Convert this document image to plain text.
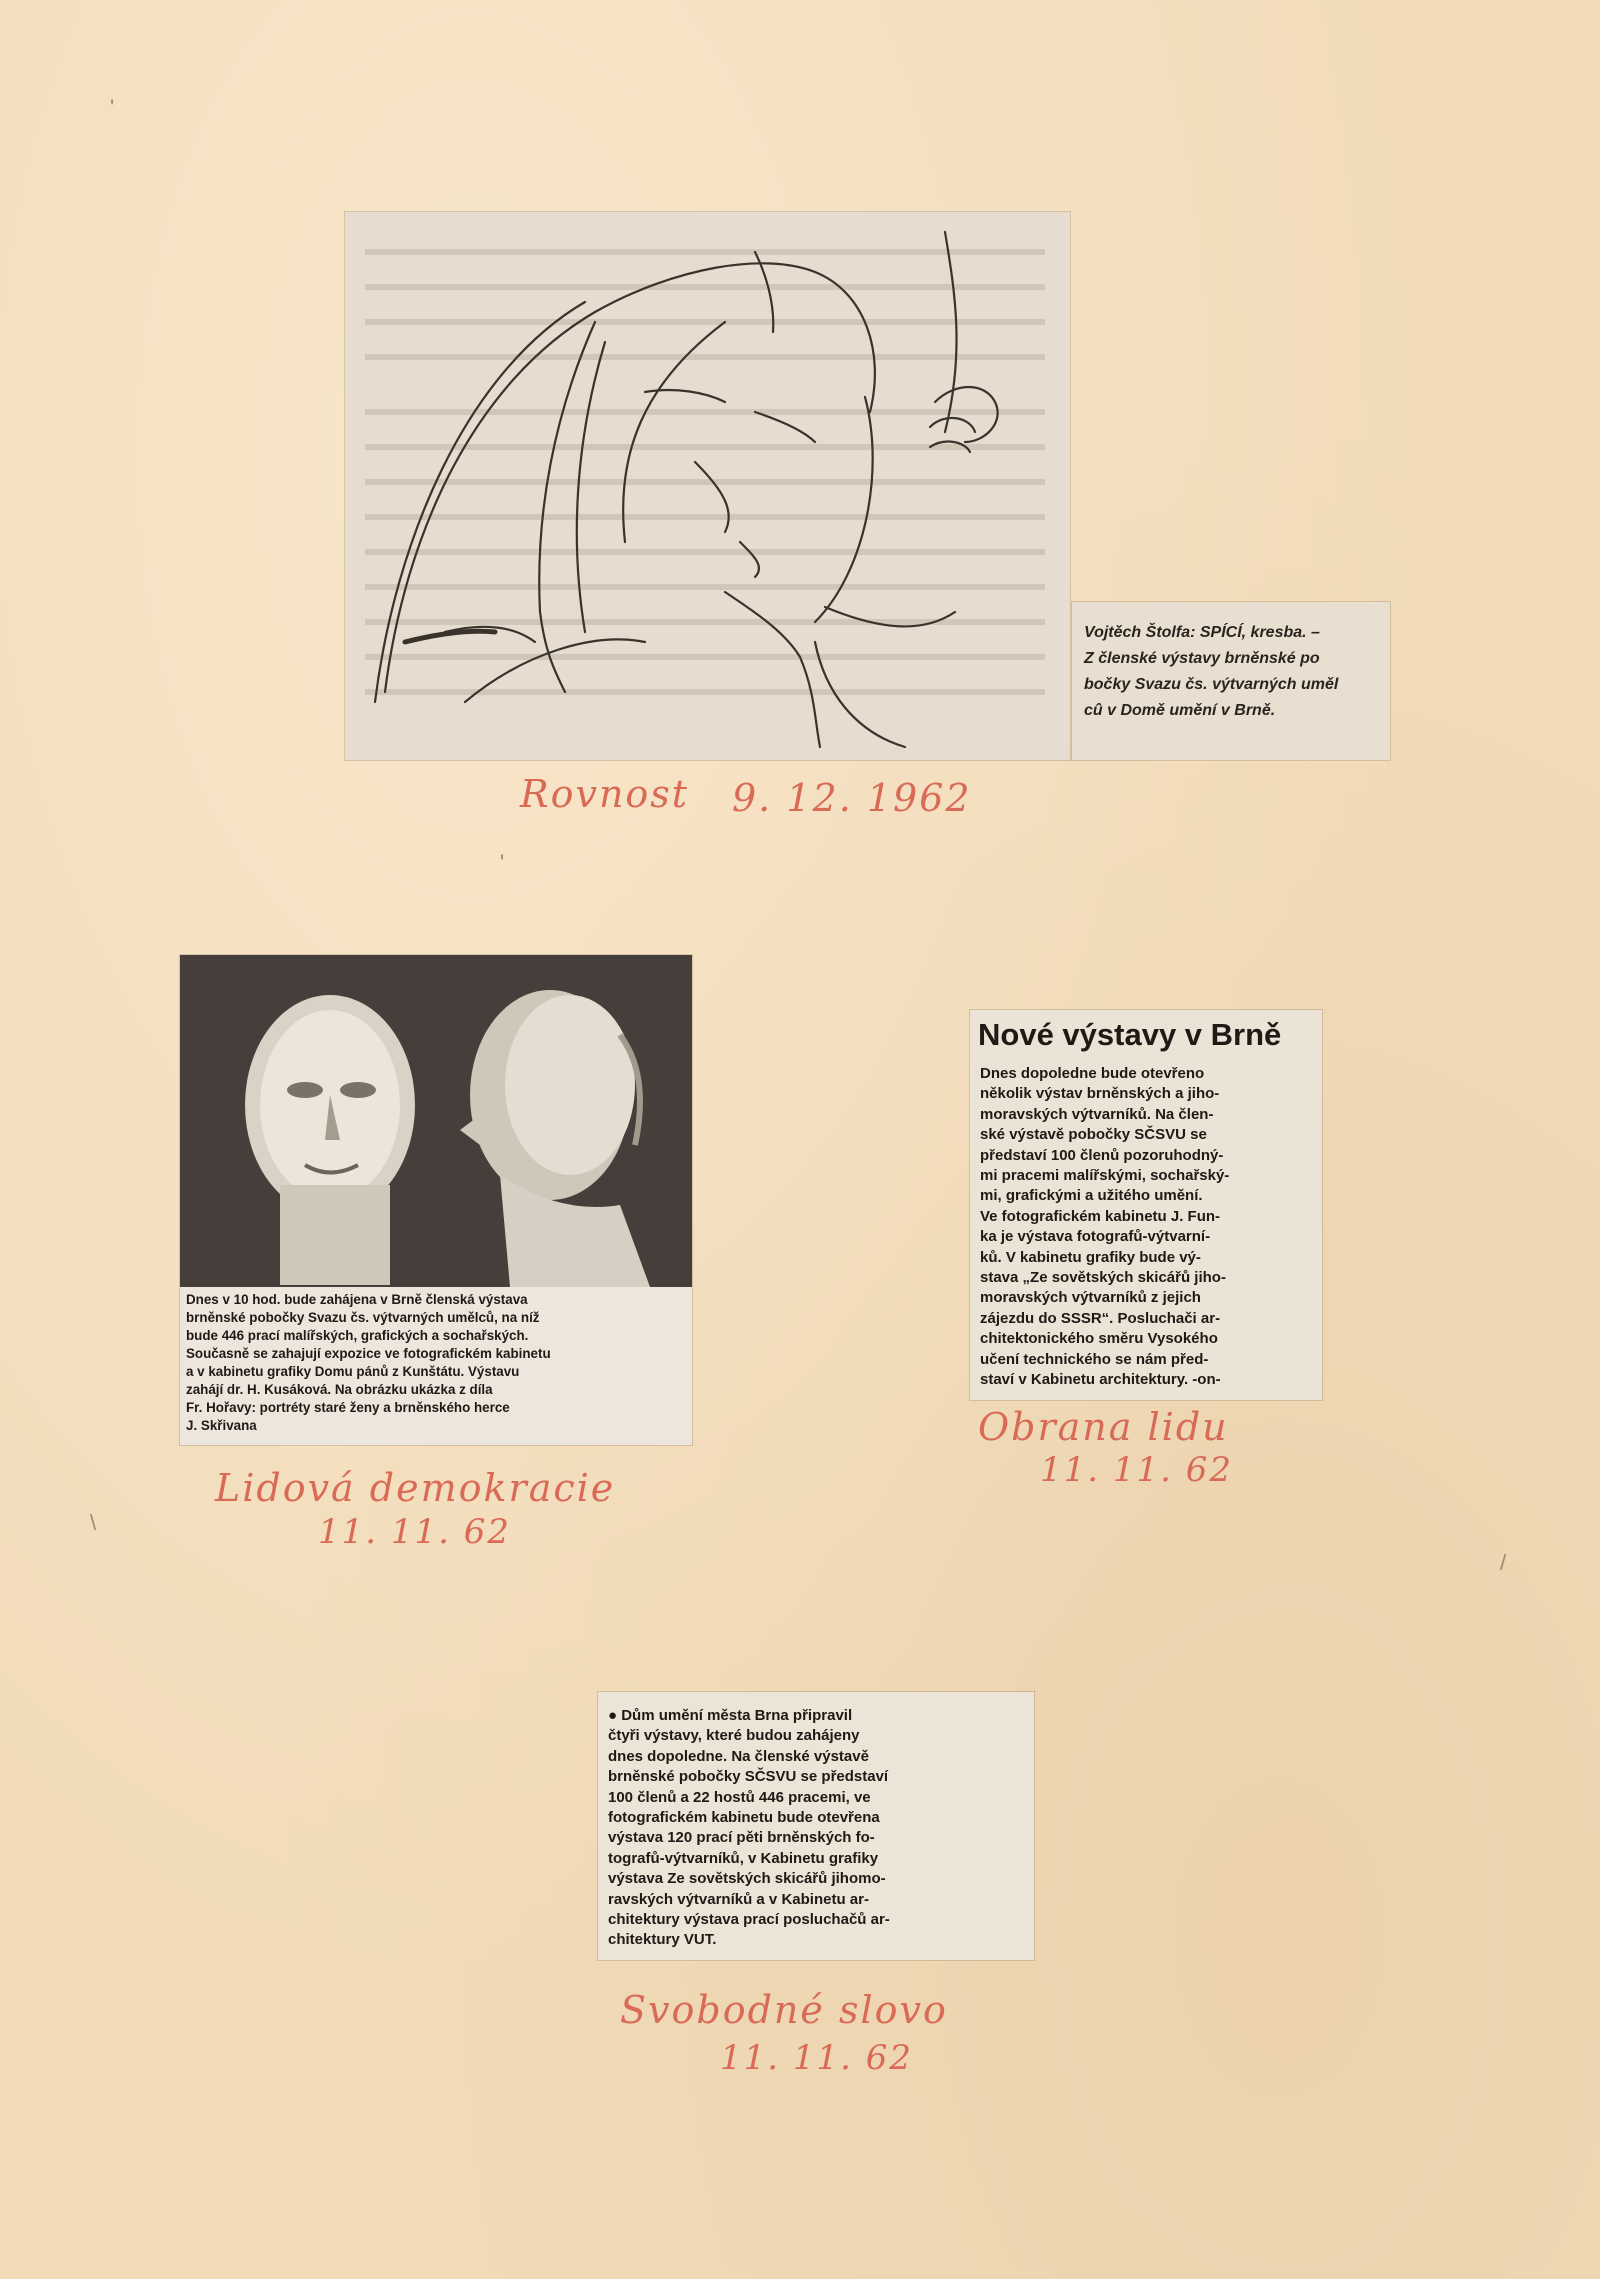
Vojtěch Štolfa: SPÍCÍ, kresba. –
Z členské výstavy brněnské po
bočky Svazu čs. výtvarných uměl
cû v Domě umění v Brně.
Rovnost 9. 12. 1962
Dnes v 10 hod. bude zahájena v Brně členská výstava
brněnské pobočky Svazu čs. výtvarných umělců, na níž
bude 446 prací malířských, grafických a sochařských.
Současně se zahajují expozice ve fotografickém kabinetu
a v kabinetu grafiky Domu pánů z Kunštátu. Výstavu
zahájí dr. H. Kusáková. Na obrázku ukázka z díla
Fr. Hořavy: portréty staré ženy a brněnského herce
J. Skřivana
Lidová demokracie
11. 11. 62
Nové výstavy v Brně
Dnes dopoledne bude otevřeno
několik výstav brněnských a jiho-
moravských výtvarníků. Na člen-
ské výstavě pobočky SČSVU se
představí 100 členů pozoruhodný-
mi pracemi malířskými, sochařský-
mi, grafickými a užitého umění.
Ve fotografickém kabinetu J. Fun-
ka je výstava fotografů-výtvarní-
ků. V kabinetu grafiky bude vý-
stava „Ze sovětských skicářů jiho-
moravských výtvarníků z jejich
zájezdu do SSSR“. Posluchači ar-
chitektonického směru Vysokého
učení technického se nám před-
staví v Kabinetu architektury. -on-
Obrana lidu
11. 11. 62
● Dům umění města Brna připravil
čtyři výstavy, které budou zahájeny
dnes dopoledne. Na členské výstavě
brněnské pobočky SČSVU se představí
100 členů a 22 hostů 446 pracemi, ve
fotografickém kabinetu bude otevřena
výstava 120 prací pěti brněnských fo-
tografů-výtvarníků, v Kabinetu grafiky
výstava Ze sovětských skicářů jihomo-
ravských výtvarníků a v Kabinetu ar-
chitektury výstava prací posluchačů ar-
chitektury VUT.
Svobodné slovo
11. 11. 62
'
'
\
/
